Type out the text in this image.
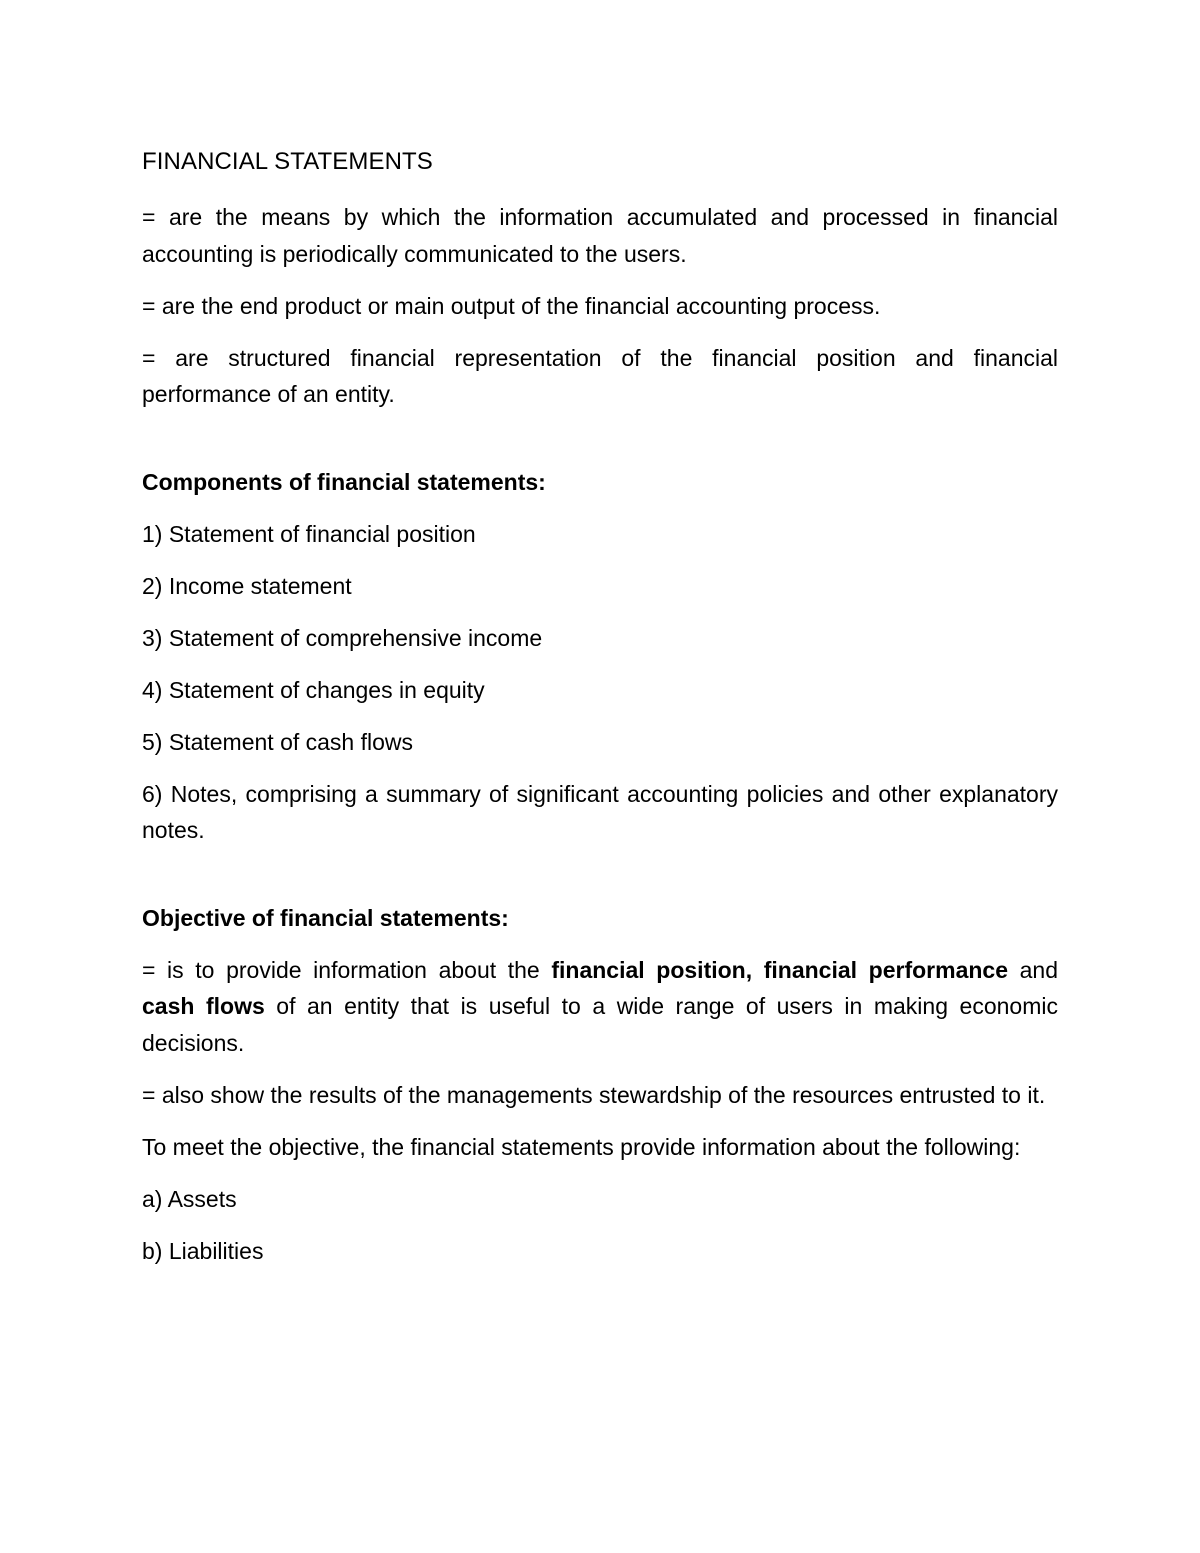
FINANCIAL STATEMENTS

= are the means by which the information accumulated and processed in financial accounting is periodically communicated to the users.

= are the end product or main output of the financial accounting process.

= are structured financial representation of the financial position and financial performance of an entity.

Components of financial statements:

1) Statement of financial position

2) Income statement

3) Statement of comprehensive income

4) Statement of changes in equity

5) Statement of cash flows

6) Notes, comprising a summary of significant accounting policies and other explanatory notes.

Objective of financial statements:

= is to provide information about the financial position, financial performance and cash flows of an entity that is useful to a wide range of users in making economic decisions.

= also show the results of the managements stewardship of the resources entrusted to it.

To meet the objective, the financial statements provide information about the following:

a) Assets

b) Liabilities
